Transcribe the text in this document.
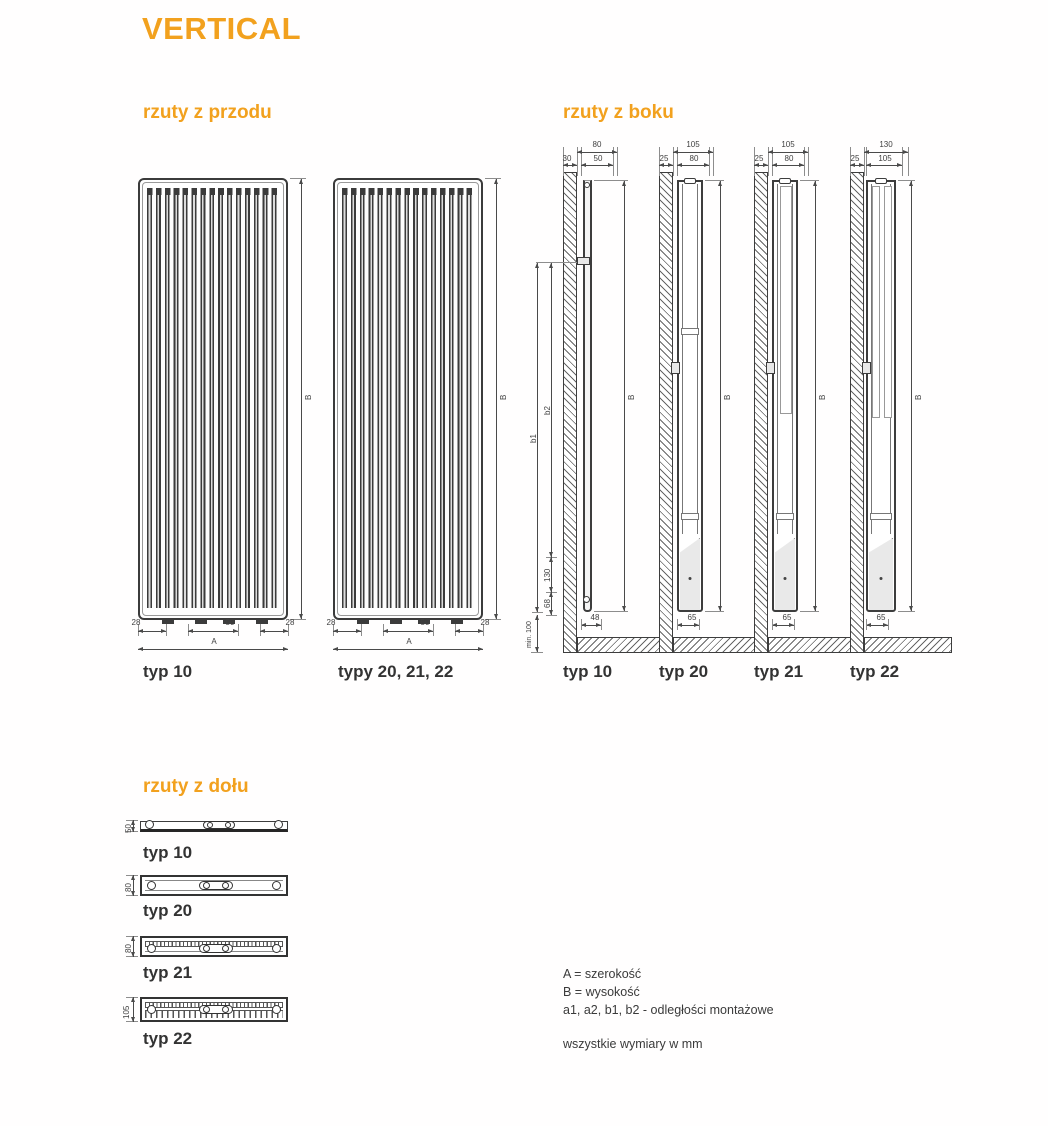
VERTICAL
rzuty z przodu	rzuty z boku
rzuty z dołu
B
28	50	28
A
typ 10
B
28	50	28
A
typy 20, 21, 22
80
30	50
B
b1
b2
130
68
min. 100
48
typ 10
105
25	80
B
65
typ 20
105
25	80
B
65
typ 21
130
25 105
B
65
typ 22
50
typ 10
80
typ 20
80
typ 21
105
typ 22
A = szerokość
B = wysokość
a1, a2, b1, b2 - odległości montażowe
wszystkie wymiary w mm
